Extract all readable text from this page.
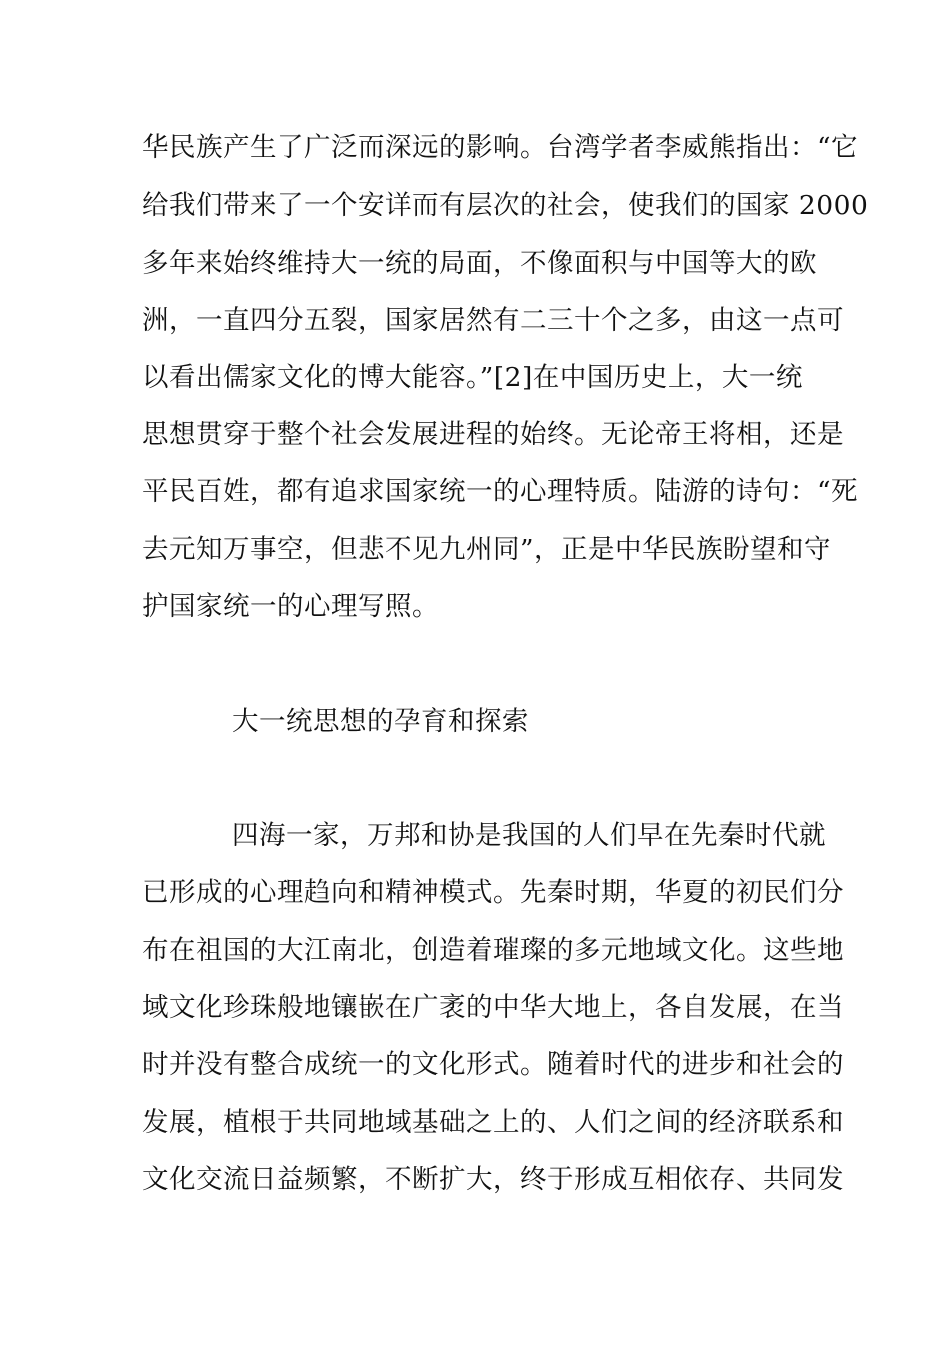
华民族产生了广泛而深远的影响。台湾学者李威熊指出：“它
给我们带来了一个安详而有层次的社会，使我们的国家 2000
多年来始终维持大一统的局面，不像面积与中国等大的欧
洲，一直四分五裂，国家居然有二三十个之多，由这一点可
以看出儒家文化的博大能容。”[2]在中国历史上，大一统
思想贯穿于整个社会发展进程的始终。无论帝王将相，还是
平民百姓，都有追求国家统一的心理特质。陆游的诗句：“死
去元知万事空，但悲不见九州同”，正是中华民族盼望和守
护国家统一的心理写照。
大一统思想的孕育和探索
四海一家，万邦和协是我国的人们早在先秦时代就
已形成的心理趋向和精神模式。先秦时期，华夏的初民们分
布在祖国的大江南北，创造着璀璨的多元地域文化。这些地
域文化珍珠般地镶嵌在广袤的中华大地上，各自发展，在当
时并没有整合成统一的文化形式。随着时代的进步和社会的
发展，植根于共同地域基础之上的、人们之间的经济联系和
文化交流日益频繁，不断扩大，终于形成互相依存、共同发
